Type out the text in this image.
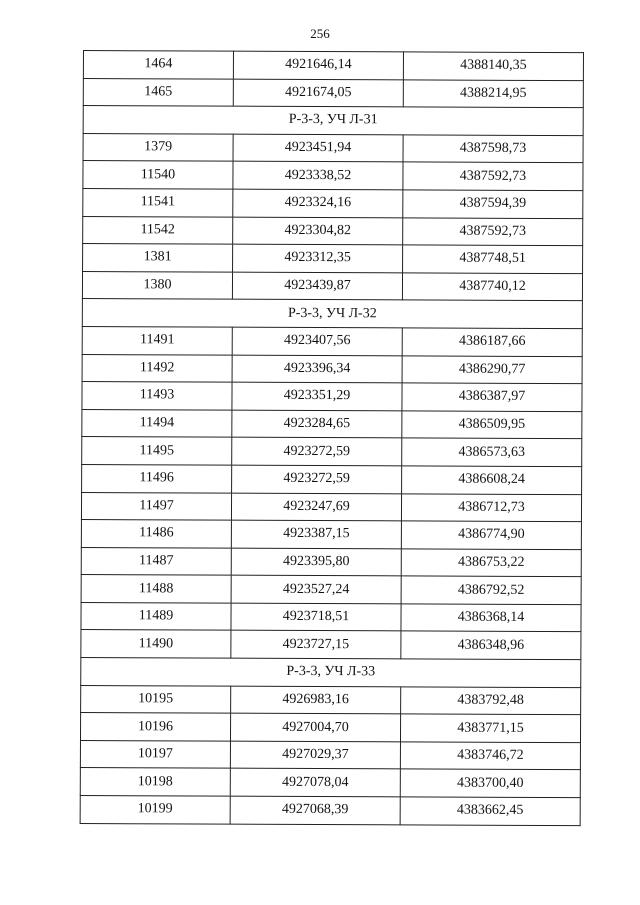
256
1464	4921646,14	4388140,35
1465	4921674,05	4388214,95
Р-3-3, УЧ Л-31		
1379	4923451,94	4387598,73
11540	4923338,52	4387592,73
11541	4923324,16	4387594,39
11542	4923304,82	4387592,73
1381	4923312,35	4387748,51
1380	4923439,87	4387740,12
Р-3-3, УЧ Л-32		
11491	4923407,56	4386187,66
11492	4923396,34	4386290,77
11493	4923351,29	4386387,97
11494	4923284,65	4386509,95
11495	4923272,59	4386573,63
11496	4923272,59	4386608,24
11497	4923247,69	4386712,73
11486	4923387,15	4386774,90
11487	4923395,80	4386753,22
11488	4923527,24	4386792,52
11489	4923718,51	4386368,14
11490	4923727,15	4386348,96
Р-3-3, УЧ Л-33		
10195	4926983,16	4383792,48
10196	4927004,70	4383771,15
10197	4927029,37	4383746,72
10198	4927078,04	4383700,40
10199	4927068,39	4383662,45
